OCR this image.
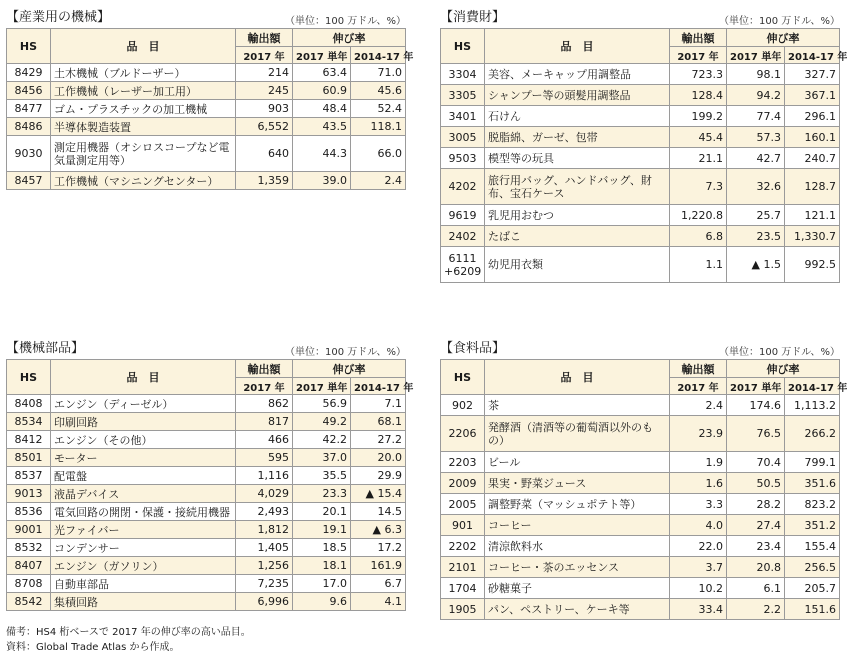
【産業用の機械】	（単位：100 万ドル、%）
HS	品　目	輸出額	伸び率	
		2017 年	2017 単年	2014-17 年
8429	土木機械（ブルドーザー）	214	63.4	71.0
8456	工作機械（レーザー加工用）	245	60.9	45.6
8477	ゴム・プラスチックの加工機械	903	48.4	52.4
8486	半導体製造装置	6,552	43.5	118.1
9030	測定用機器（オシロスコープなど電気量測定用等）	640	44.3	66.0
8457	工作機械（マシニングセンター）	1,359	39.0	2.4
【消費財】	（単位：100 万ドル、%）
HS	品　目	輸出額	伸び率	
		2017 年	2017 単年	2014-17 年
3304	美容、メーキャップ用調整品	723.3	98.1	327.7
3305	シャンプー等の頭髪用調整品	128.4	94.2	367.1
3401	石けん	199.2	77.4	296.1
3005	脱脂綿、ガーゼ、包帯	45.4	57.3	160.1
9503	模型等の玩具	21.1	42.7	240.7
4202	旅行用バッグ、ハンドバッグ、財布、宝石ケース	7.3	32.6	128.7
9619	乳児用おむつ	1,220.8	25.7	121.1
2402	たばこ	6.8	23.5	1,330.7
6111 +6209	幼児用衣類	1.1	▲ 1.5	992.5
【機械部品】	（単位：100 万ドル、%）
HS	品　目	輸出額	伸び率	
		2017 年	2017 単年	2014-17 年
8408	エンジン（ディーゼル）	862	56.9	7.1
8534	印刷回路	817	49.2	68.1
8412	エンジン（その他）	466	42.2	27.2
8501	モーター	595	37.0	20.0
8537	配電盤	1,116	35.5	29.9
9013	液晶デバイス	4,029	23.3	▲ 15.4
8536	電気回路の開閉・保護・接続用機器	2,493	20.1	14.5
9001	光ファイバー	1,812	19.1	▲ 6.3
8532	コンデンサー	1,405	18.5	17.2
8407	エンジン（ガソリン）	1,256	18.1	161.9
8708	自動車部品	7,235	17.0	6.7
8542	集積回路	6,996	9.6	4.1
【食料品】	（単位：100 万ドル、%）
HS	品　目	輸出額	伸び率	
		2017 年	2017 単年	2014-17 年
902	茶	2.4	174.6	1,113.2
2206	発酵酒（清酒等の葡萄酒以外のもの）	23.9	76.5	266.2
2203	ビール	1.9	70.4	799.1
2009	果実・野菜ジュース	1.6	50.5	351.6
2005	調整野菜（マッシュポテト等）	3.3	28.2	823.2
901	コーヒー	4.0	27.4	351.2
2202	清涼飲料水	22.0	23.4	155.4
2101	コーヒー・茶のエッセンス	3.7	20.8	256.5
1704	砂糖菓子	10.2	6.1	205.7
1905	パン、ペストリー、ケーキ等	33.4	2.2	151.6
備考：HS4 桁ベースで 2017 年の伸び率の高い品目。
資料：Global Trade Atlas から作成。
